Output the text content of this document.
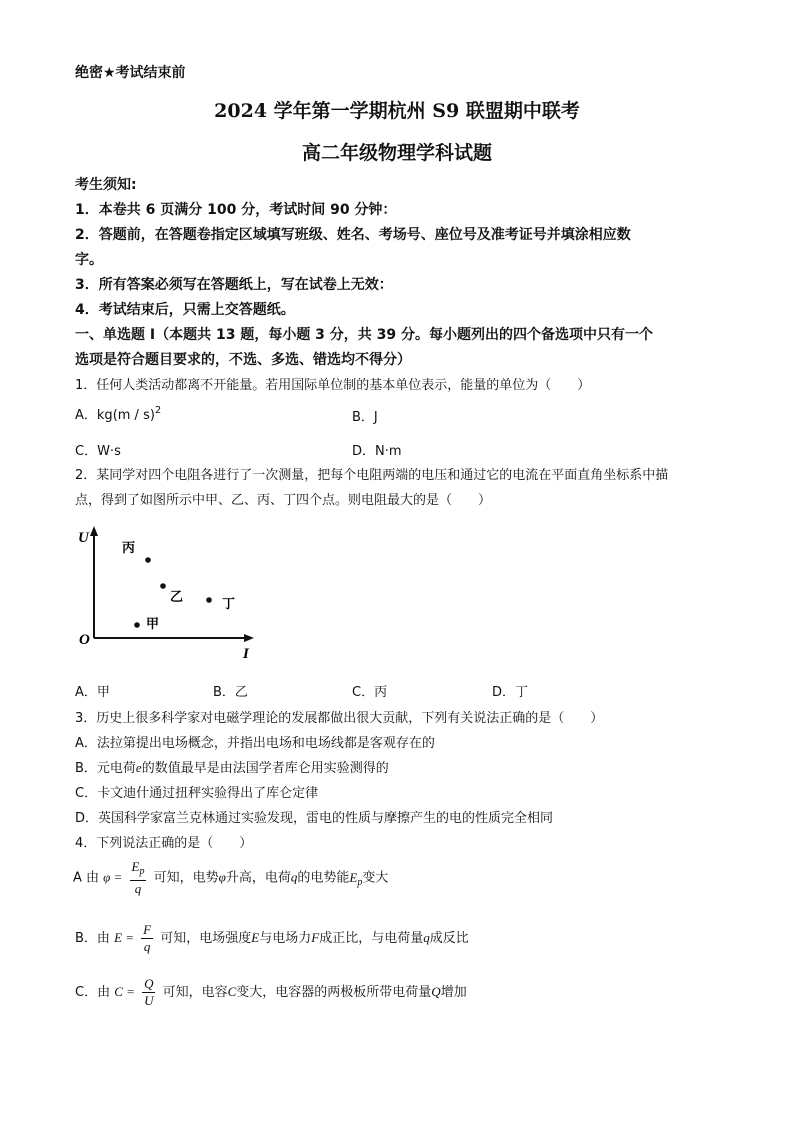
绝密★考试结束前
2024 学年第一学期杭州 S9 联盟期中联考
高二年级物理学科试题
考生须知:
1．本卷共 6 页满分 100 分，考试时间 90 分钟：
2．答题前，在答题卷指定区域填写班级、姓名、考场号、座位号及准考证号并填涂相应数
字。
3．所有答案必须写在答题纸上，写在试卷上无效：
4．考试结束后，只需上交答题纸。
一、单选题 I（本题共 13 题，每小题 3 分，共 39 分。每小题列出的四个备选项中只有一个
选项是符合题目要求的，不选、多选、错选均不得分）
1．任何人类活动都离不开能量。若用国际单位制的基本单位表示，能量的单位为（　　）
A．kg(m / s)$^2$	B．J
C．W·s	D．N·m
2．某同学对四个电阻各进行了一次测量，把每个电阻两端的电压和通过它的电流在平面直角坐标系中描
点，得到了如图所示中甲、乙、丙、丁四个点。则电阻最大的是（　　）
U
I
O
丙
乙	丁
甲
A．甲	B．乙	C．丙	D．丁
3．历史上很多科学家对电磁学理论的发展都做出很大贡献，下列有关说法正确的是（　　）
A．法拉第提出电场概念，并指出电场和电场线都是客观存在的
B．元电荷e的数值最早是由法国学者库仑用实验测得的
C．卡文迪什通过扭秤实验得出了库仑定律
D．英国科学家富兰克林通过实验发现，雷电的性质与摩擦产生的电的性质完全相同
4．下列说法正确的是（　　）
A 由 $\varphi = \frac{E_p}{q}$ 可知，电势φ升高，电荷q的电势能$E_p$变大
B．由 $E = \frac{F}{q}$ 可知，电场强度E与电场力F成正比，与电荷量q成反比
C．由 $C = \frac{Q}{U}$ 可知，电容C变大，电容器的两极板所带电荷量Q增加
